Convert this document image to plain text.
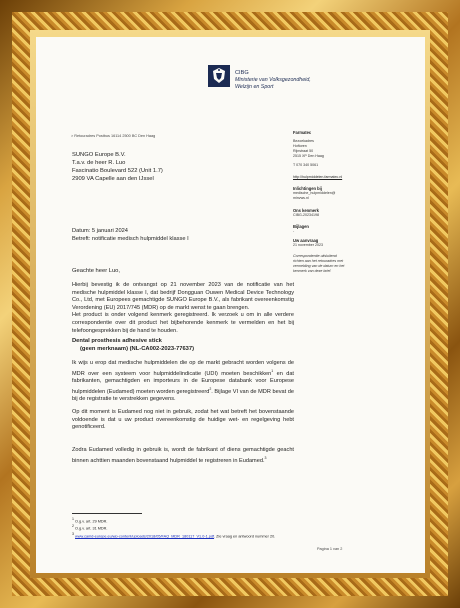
CIBG
Ministerie van Volksgezondheid,
Welzijn en Sport
> Retouradres Postbus 16114 2500 BC Den Haag
SUNGO Europe B.V.
T.a.v. de heer R. Luo
Fascinatio Boulevard 522 (Unit 1.7)
2909 VA Capelle aan den IJssel
Farmatec
Bezoekadres
Hoftoren
Rijnstraat 50
2515 XP Den Haag
T 070 340 5061
http://hulpmiddelen.farmatec.nl
Inlichtingen bij
medische_hulpmiddelen@
minvws.nl
Ons kenmerk
CIBG-20234198
Bijlagen
-
Uw aanvraag
21 november 2023
Correspondentie uitsluitend
richten aan het retouradres met
vermelding van de datum en het
kenmerk van deze brief.
Datum: 5 januari 2024
Betreft: notificatie medisch hulpmiddel klasse I
Geachte heer Luo,
Hierbij bevestig ik de ontvangst op 21 november 2023 van de notificatie van het medische hulpmiddel klasse I, dat bedrijf Dongguan Ouwen Medical Device Technology Co., Ltd, met Europees gemachtigde SUNGO Europe B.V., als fabrikant overeenkomstig Verordening (EU) 2017/745 (MDR) op de markt wenst te gaan brengen.
Het product is onder volgend kenmerk geregistreerd. Ik verzoek u om in alle verdere correspondentie over dit product het bijbehorende kenmerk te vermelden en het bij telefoongesprekken bij de hand te houden.
Dental prosthesis adhesive stick
(geen merknaam) (NL-CA002-2023-77637)
Ik wijs u erop dat medische hulpmiddelen die op de markt gebracht worden volgens de MDR over een systeem voor hulpmiddelindicatie (UDI) moeten beschikken$^1$ en dat fabrikanten, gemachtigden en importeurs in de Europese databank voor Europese hulpmiddelen (Eudamed) moeten worden geregistreerd$^2$. Bijlage VI van de MDR bevat de bij de registratie te verstrekken gegevens.
Op dit moment is Eudamed nog niet in gebruik, zodat het wat betreft het bovenstaande voldoende is dat u uw product overeenkomstig de huidige wet- en regelgeving hebt genotificeerd.
Zodra Eudamed volledig in gebruik is, wordt de fabrikant of diens gemachtigde geacht binnen achttien maanden bovenstaand hulpmiddel te registreren in Eudamed.$^3$
$^1$ O.g.v. art. 29 MDR.
$^2$ O.g.v. art. 31 MDR.
$^3$ www.camd-europe.eu/wp-content/uploads/2018/05/FAQ_MDR_180117_V1.0-1.pdf. Zie vraag en antwoord nummer 20.
Pagina 1 van 2
